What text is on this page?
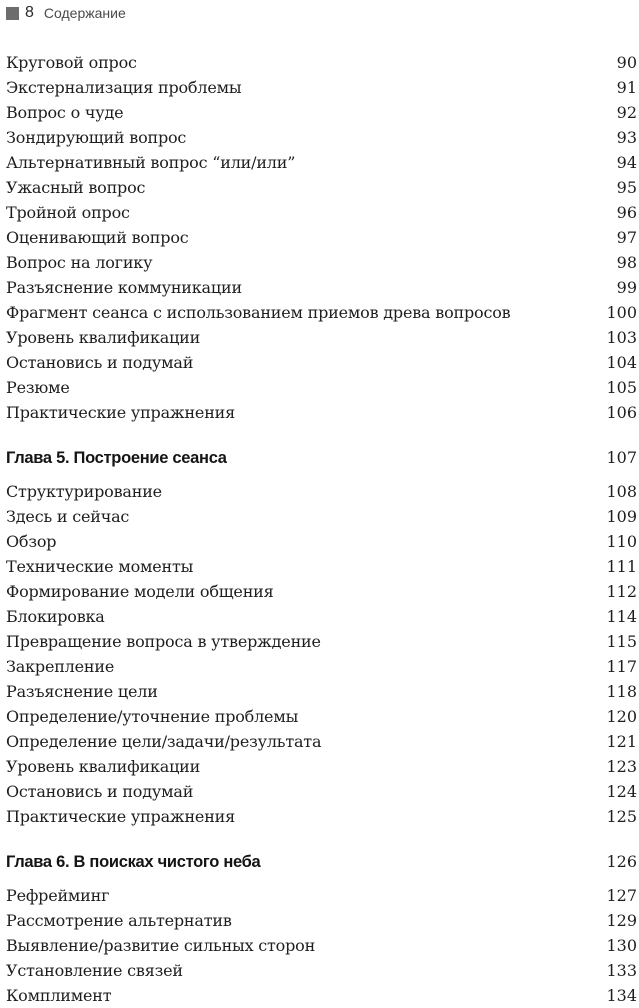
8 Содержание
Круговой опрос	90
Экстернализация проблемы	91
Вопрос о чуде	92
Зондирующий вопрос	93
Альтернативный вопрос “или/или”	94
Ужасный вопрос	95
Тройной опрос	96
Оценивающий вопрос	97
Вопрос на логику	98
Разъяснение коммуникации	99
Фрагмент сеанса с использованием приемов древа вопросов	100
Уровень квалификации	103
Остановись и подумай	104
Резюме	105
Практические упражнения	106
Глава 5. Построение сеанса	107
Структурирование	108
Здесь и сейчас	109
Обзор	110
Технические моменты	111
Формирование модели общения	112
Блокировка	114
Превращение вопроса в утверждение	115
Закрепление	117
Разъяснение цели	118
Определение/уточнение проблемы	120
Определение цели/задачи/результата	121
Уровень квалификации	123
Остановись и подумай	124
Практические упражнения	125
Глава 6. В поисках чистого неба	126
Рефрейминг	127
Рассмотрение альтернатив	129
Выявление/развитие сильных сторон	130
Установление связей	133
Комплимент	134
